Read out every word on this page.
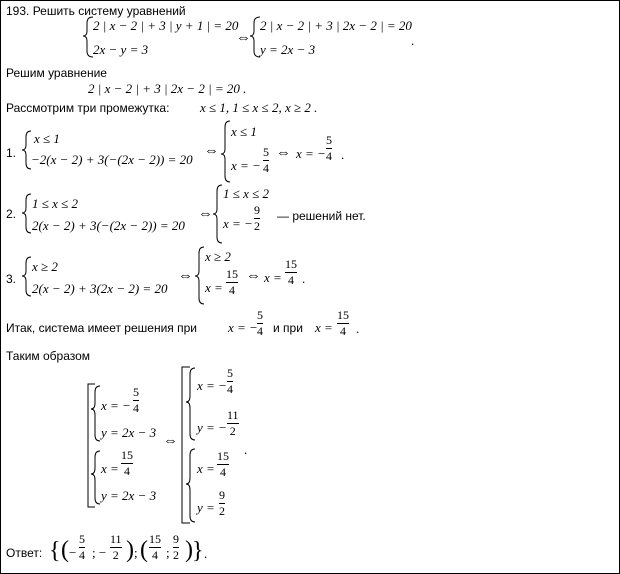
193. Решить систему уравнений
2 | x − 2 | + 3 | y + 1 | = 20
2x − y = 3
⇔
2 | x − 2 | + 3 | 2x − 2 | = 20
y = 2x − 3
.
Решим уравнение
2 | x − 2 | + 3 | 2x − 2 | = 20 .
Рассмотрим три промежутка: x ≤ 1, 1 ≤ x ≤ 2, x ≥ 2 .
1.
x ≤ 1
−2(x − 2) + 3(−(2x − 2)) = 20
⇔
x ≤ 1
x = −
5
4
⇔ x = −
5
4 .
2.
1 ≤ x ≤ 2
2(x − 2) + 3(−(2x − 2)) = 20
⇔
1 ≤ x ≤ 2
x = −
9
2
— решений нет.
3.
x ≥ 2
2(x − 2) + 3(2x − 2) = 20
⇔
x ≥ 2
x =
15
4
⇔ x =
15
4 .
Итак, система имеет решения при x = −
5
4 и при x =
15
4 .
Таким образом
x = −
5
4
y = 2x − 3
x =
15
4
y = 2x − 3
⇔
x = −
5
4
y = −
11
2
x =
15
4
y =
9
2
.
Ответ: { ( −
5
4 ; −
11
2 ) ; ( 15
4 ;
9
2 ) } .
